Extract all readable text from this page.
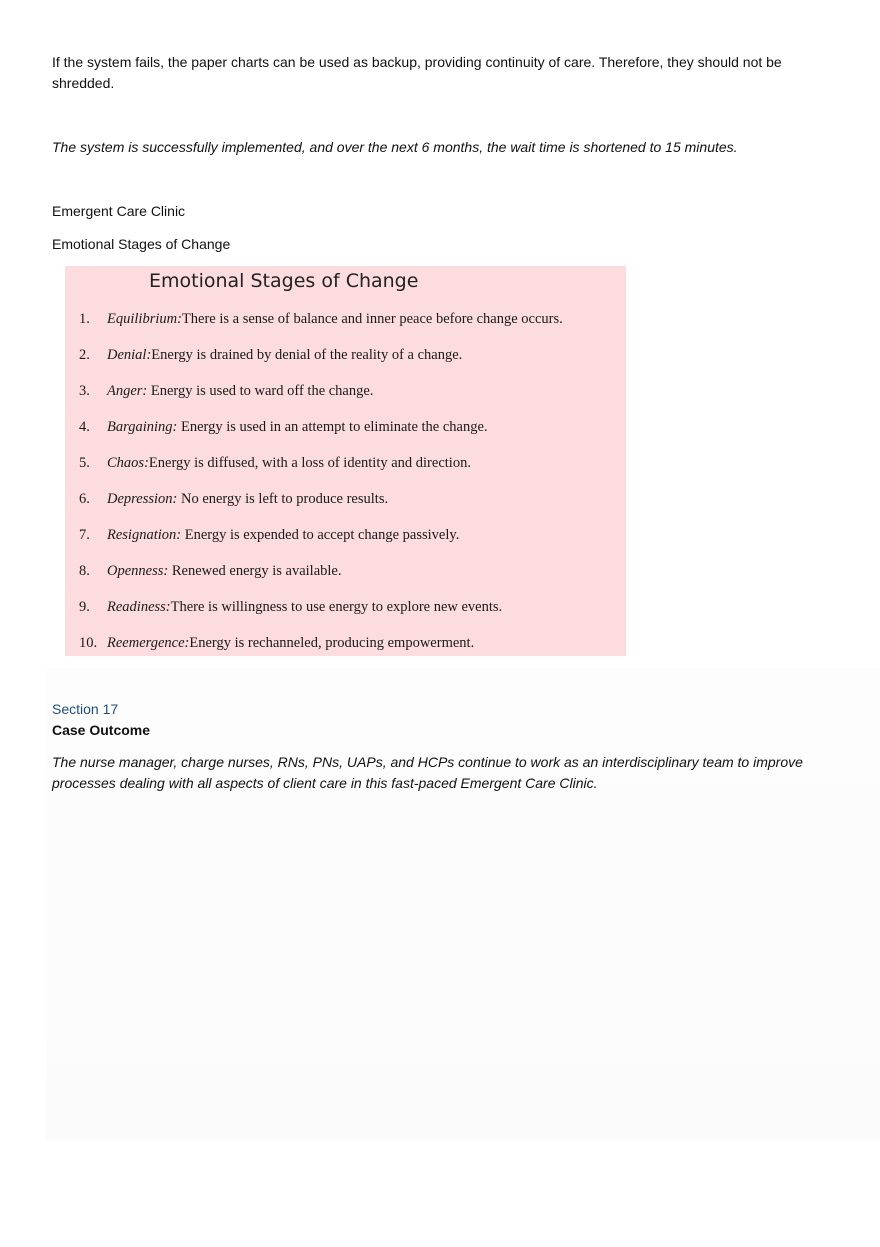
If the system fails, the paper charts can be used as backup, providing continuity of care. Therefore, they should not be shredded.

The system is successfully implemented, and over the next 6 months, the wait time is shortened to 15 minutes.

Emergent Care Clinic

Emotional Stages of Change

Emotional Stages of Change
1. Equilibrium:There is a sense of balance and inner peace before change occurs.
2. Denial:Energy is drained by denial of the reality of a change.
3. Anger: Energy is used to ward off the change.
4. Bargaining: Energy is used in an attempt to eliminate the change.
5. Chaos:Energy is diffused, with a loss of identity and direction.
6. Depression: No energy is left to produce results.
7. Resignation: Energy is expended to accept change passively.
8. Openness: Renewed energy is available.
9. Readiness:There is willingness to use energy to explore new events.
10. Reemergence:Energy is rechanneled, producing empowerment.

Section 17

Case Outcome

The nurse manager, charge nurses, RNs, PNs, UAPs, and HCPs continue to work as an interdisciplinary team to improve processes dealing with all aspects of client care in this fast-paced Emergent Care Clinic.
